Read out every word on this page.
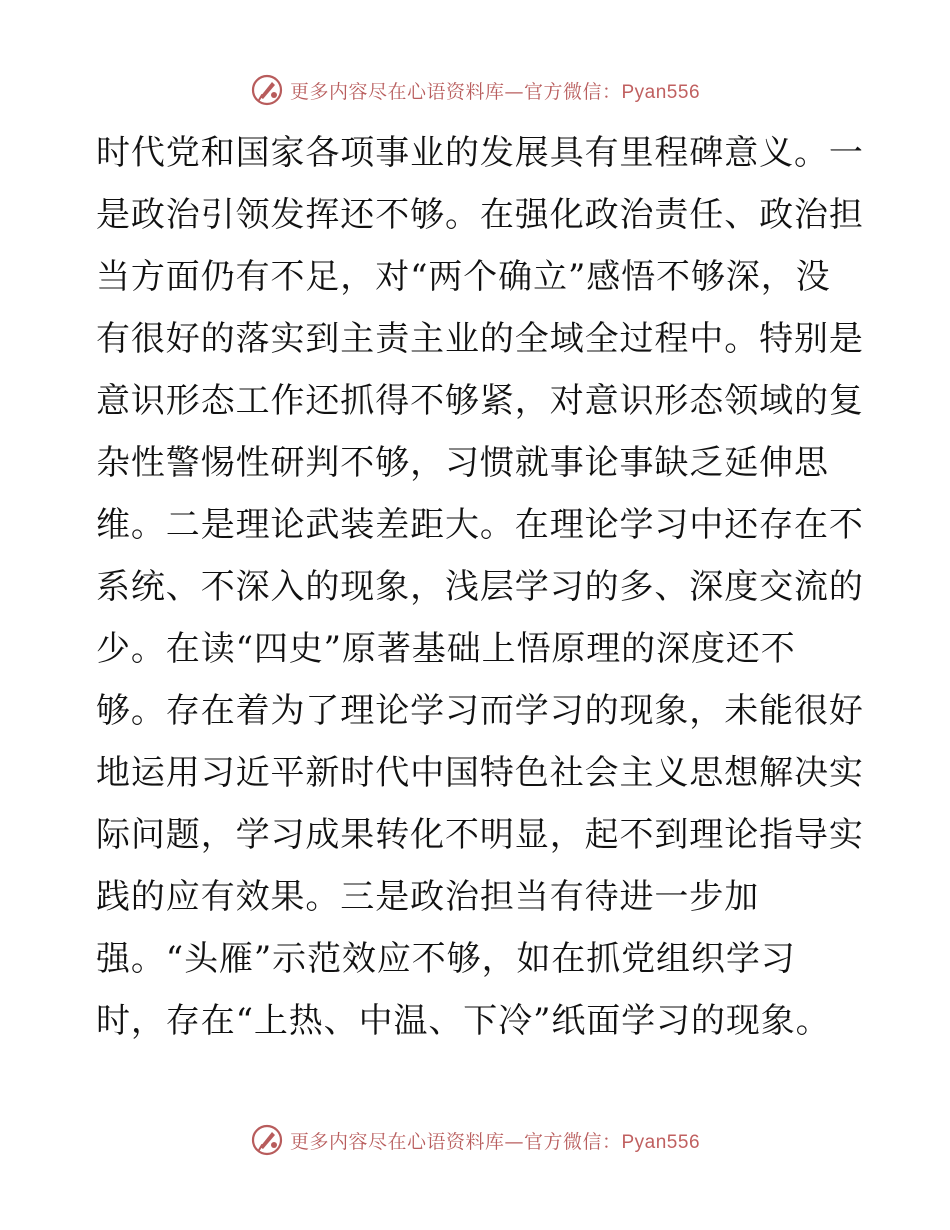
更多内容尽在心语资料库—官方微信：Pyan556
时代党和国家各项事业的发展具有里程碑意义。一
是政治引领发挥还不够。在强化政治责任、政治担
当方面仍有不足，对“两个确立”感悟不够深，没
有很好的落实到主责主业的全域全过程中。特别是
意识形态工作还抓得不够紧，对意识形态领域的复
杂性警惕性研判不够，习惯就事论事缺乏延伸思
维。二是理论武装差距大。在理论学习中还存在不
系统、不深入的现象，浅层学习的多、深度交流的
少。在读“四史”原著基础上悟原理的深度还不
够。存在着为了理论学习而学习的现象，未能很好
地运用习近平新时代中国特色社会主义思想解决实
际问题，学习成果转化不明显，起不到理论指导实
践的应有效果。三是政治担当有待进一步加
强。“头雁”示范效应不够，如在抓党组织学习
时，存在“上热、中温、下冷”纸面学习的现象。
更多内容尽在心语资料库—官方微信：Pyan556
